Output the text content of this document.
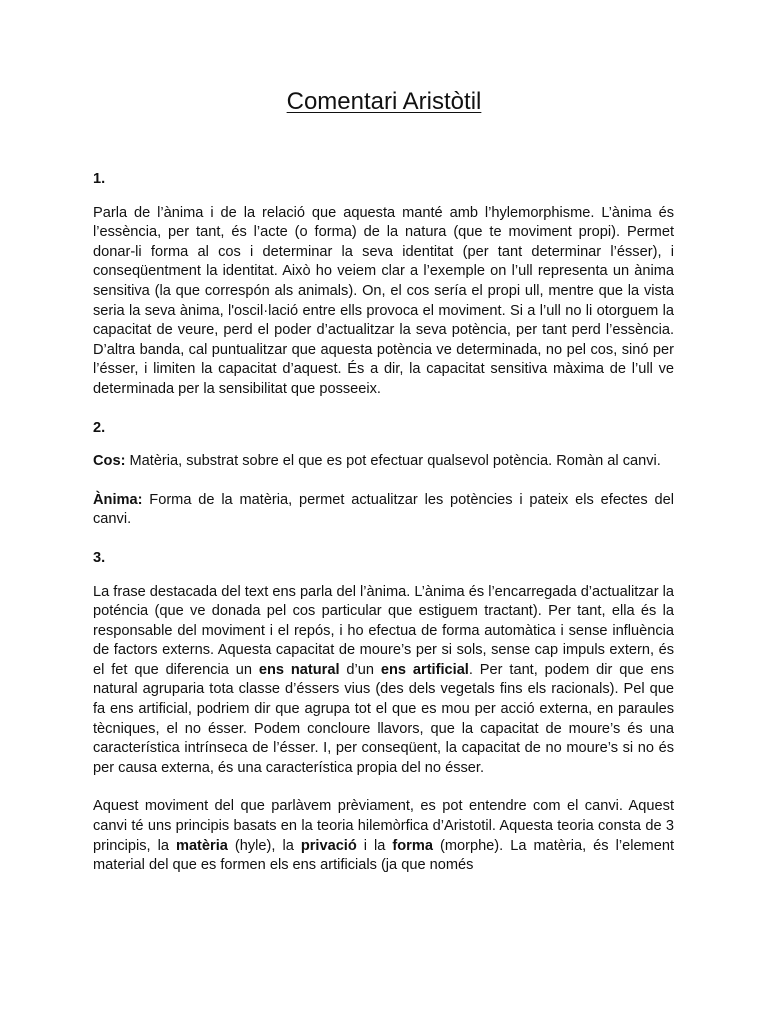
Comentari Aristòtil
1.

Parla de l’ànima i de la relació que aquesta manté amb l’hylemorphisme. L’ànima és l’essència, per tant, és l’acte (o forma) de la natura (que te moviment propi). Permet donar-li forma al cos i determinar la seva identitat (per tant determinar l’ésser), i conseqüentment la identitat. Això ho veiem clar a l’exemple on l’ull representa un ànima sensitiva (la que correspón als animals). On, el cos sería el propi ull, mentre que la vista seria la seva ànima, l'oscil·lació entre ells provoca el moviment. Si a l’ull no li otorguem la capacitat de veure, perd el poder d’actualitzar la seva potència, per tant perd l’essència. D’altra banda, cal puntualitzar que aquesta potència ve determinada, no pel cos, sinó per l’ésser, i limiten la capacitat d’aquest. És a dir, la capacitat sensitiva màxima de l’ull ve determinada per la sensibilitat que posseeix.

2.

Cos: Matèria, substrat sobre el que es pot efectuar qualsevol potència. Romàn al canvi.

Ànima: Forma de la matèria, permet actualitzar les potències i pateix els efectes del canvi.

3.

La frase destacada del text ens parla del l’ànima. L’ànima és l’encarregada d’actualitzar la poténcia (que ve donada pel cos particular que estiguem tractant). Per tant, ella és la responsable del moviment i el repós, i ho efectua de forma automàtica i sense influència de factors externs. Aquesta capacitat de moure’s per si sols, sense cap impuls extern, és el fet que diferencia un ens natural d’un ens artificial. Per tant, podem dir que ens natural agruparia tota classe d’éssers vius (des dels vegetals fins els racionals). Pel que fa ens artificial, podriem dir que agrupa tot el que es mou per acció externa, en paraules tècniques, el no ésser. Podem concloure llavors, que la capacitat de moure’s és una característica intrínseca de l’ésser. I, per conseqüent, la capacitat de no moure’s si no és per causa externa, és una característica propia del no ésser.

Aquest moviment del que parlàvem prèviament, es pot entendre com el canvi. Aquest canvi té uns principis basats en la teoria hilemòrfica d’Aristotil. Aquesta teoria consta de 3 principis, la matèria (hyle), la privació i la forma (morphe). La matèria, és l’element material del que es formen els ens artificials (ja que només
